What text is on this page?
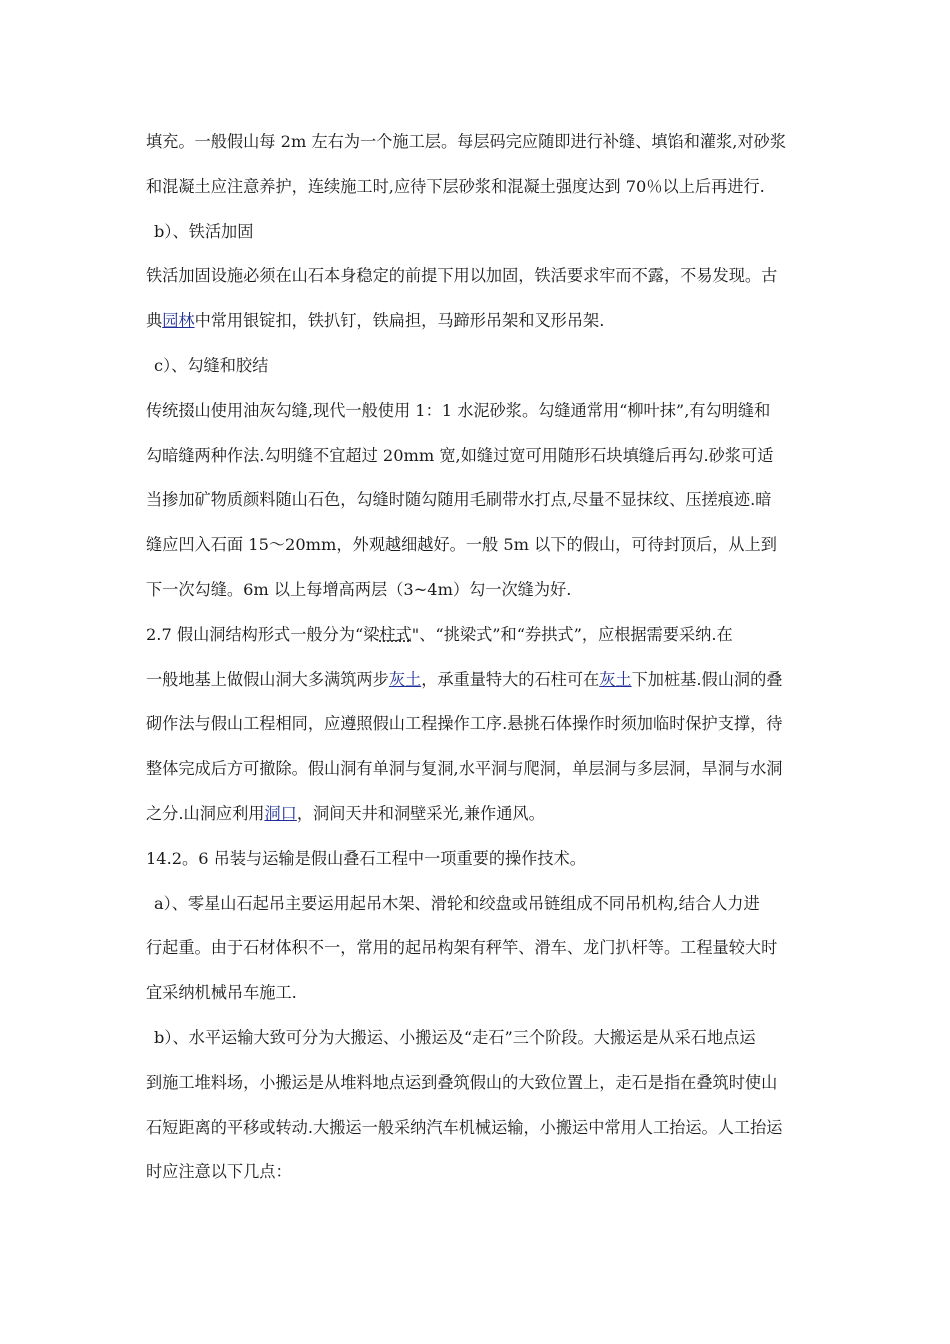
填充。一般假山每 2m 左右为一个施工层。每层码完应随即进行补缝、填馅和灌浆,对砂浆
和混凝土应注意养护，连续施工时,应待下层砂浆和混凝土强度达到 70％以上后再进行.
b）、铁活加固
铁活加固设施必须在山石本身稳定的前提下用以加固，铁活要求牢而不露，不易发现。古
典园林中常用银锭扣，铁扒钉，铁扁担，马蹄形吊架和叉形吊架.
c）、勾缝和胶结
传统掇山使用油灰勾缝,现代一般使用 1：1 水泥砂浆。勾缝通常用“柳叶抹”,有勾明缝和
勾暗缝两种作法.勾明缝不宜超过 20mm 宽,如缝过宽可用随形石块填缝后再勾.砂浆可适
当掺加矿物质颜料随山石色，勾缝时随勾随用毛刷带水打点,尽量不显抹纹、压搓痕迹.暗
缝应凹入石面 15～20mm，外观越细越好。一般 5m 以下的假山，可待封顶后，从上到
下一次勾缝。6m 以上每增高两层（3~4m）勾一次缝为好.
2.7 假山洞结构形式一般分为“梁柱式"、“挑梁式”和“券拱式”，应根据需要采纳.在
一般地基上做假山洞大多满筑两步灰土，承重量特大的石柱可在灰土下加桩基.假山洞的叠
砌作法与假山工程相同，应遵照假山工程操作工序.悬挑石体操作时须加临时保护支撑，待
整体完成后方可撤除。假山洞有单洞与复洞,水平洞与爬洞，单层洞与多层洞，旱洞与水洞
之分.山洞应利用洞口，洞间天井和洞壁采光,兼作通风。
14.2。6 吊装与运输是假山叠石工程中一项重要的操作技术。
a）、零星山石起吊主要运用起吊木架、滑轮和绞盘或吊链组成不同吊机构,结合人力进
行起重。由于石材体积不一，常用的起吊构架有秤竿、滑车、龙门扒杆等。工程量较大时
宜采纳机械吊车施工.
b）、水平运输大致可分为大搬运、小搬运及“走石”三个阶段。大搬运是从采石地点运
到施工堆料场，小搬运是从堆料地点运到叠筑假山的大致位置上，走石是指在叠筑时使山
石短距离的平移或转动.大搬运一般采纳汽车机械运输，小搬运中常用人工抬运。人工抬运
时应注意以下几点：
